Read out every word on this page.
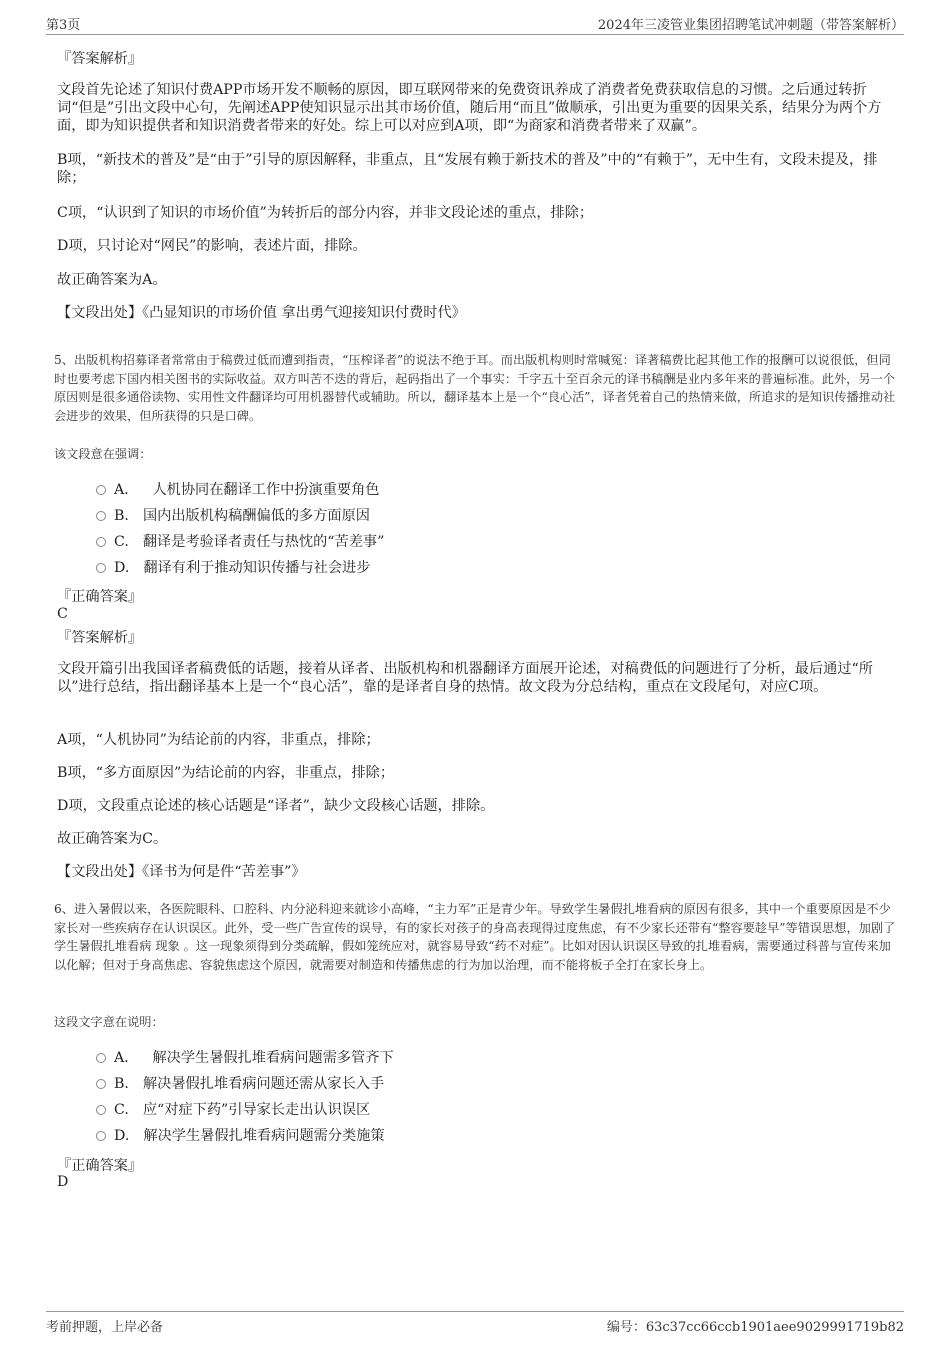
第3页	2024年三凌管业集团招聘笔试冲刺题（带答案解析）
『答案解析』
文段首先论述了知识付费APP市场开发不顺畅的原因，即互联网带来的免费资讯养成了消费者免费获取信息的习惯。之后通过转折词“但是”引出文段中心句，先阐述APP使知识显示出其市场价值，随后用“而且”做顺承，引出更为重要的因果关系，结果分为两个方面，即为知识提供者和知识消费者带来的好处。综上可以对应到A项，即“为商家和消费者带来了双赢”。
B项，“新技术的普及”是“由于”引导的原因解释，非重点，且“发展有赖于新技术的普及”中的“有赖于”，无中生有，文段未提及，排除；
C项，“认识到了知识的市场价值”为转折后的部分内容，并非文段论述的重点，排除；
D项，只讨论对“网民”的影响，表述片面，排除。
故正确答案为A。
【文段出处】《凸显知识的市场价值 拿出勇气迎接知识付费时代》
5、出版机构招募译者常常由于稿费过低而遭到指责，“压榨译者”的说法不绝于耳。而出版机构则时常喊冤：译著稿费比起其他工作的报酬可以说很低，但同时也要考虑下国内相关图书的实际收益。双方叫苦不迭的背后，起码指出了一个事实：千字五十至百余元的译书稿酬是业内多年来的普遍标准。此外，另一个原因则是很多通俗读物、实用性文件翻译均可用机器替代或辅助。所以，翻译基本上是一个“良心活”，译者凭着自己的热情来做，所追求的是知识传播推动社会进步的效果，但所获得的只是口碑。
该文段意在强调：
A． 人机协同在翻译工作中扮演重要角色
B. 国内出版机构稿酬偏低的多方面原因
C. 翻译是考验译者责任与热忱的“苦差事”
D. 翻译有利于推动知识传播与社会进步
『正确答案』
C
『答案解析』
文段开篇引出我国译者稿费低的话题，接着从译者、出版机构和机器翻译方面展开论述，对稿费低的问题进行了分析，最后通过“所以”进行总结，指出翻译基本上是一个“良心活”，靠的是译者自身的热情。故文段为分总结构，重点在文段尾句，对应C项。
A项，“人机协同”为结论前的内容，非重点，排除；
B项，“多方面原因”为结论前的内容，非重点，排除；
D项，文段重点论述的核心话题是“译者”，缺少文段核心话题，排除。
故正确答案为C。
【文段出处】《译书为何是件“苦差事”》
6、进入暑假以来，各医院眼科、口腔科、内分泌科迎来就诊小高峰，“主力军”正是青少年。导致学生暑假扎堆看病的原因有很多，其中一个重要原因是不少家长对一些疾病存在认识误区。此外，受一些广告宣传的误导，有的家长对孩子的身高表现得过度焦虑，有不少家长还带有“整容要趁早”等错误思想，加剧了学生暑假扎堆看病 现象 。这一现象须得到分类疏解，假如笼统应对，就容易导致“药不对症”。比如对因认识误区导致的扎堆看病，需要通过科普与宣传来加以化解；但对于身高焦虑、容貌焦虑这个原因，就需要对制造和传播焦虑的行为加以治理，而不能将板子全打在家长身上。
这段文字意在说明：
A． 解决学生暑假扎堆看病问题需多管齐下
B. 解决暑假扎堆看病问题还需从家长入手
C. 应“对症下药”引导家长走出认识误区
D. 解决学生暑假扎堆看病问题需分类施策
『正确答案』
D
考前押题，上岸必备	编号：63c37cc66ccb1901aee9029991719b82
